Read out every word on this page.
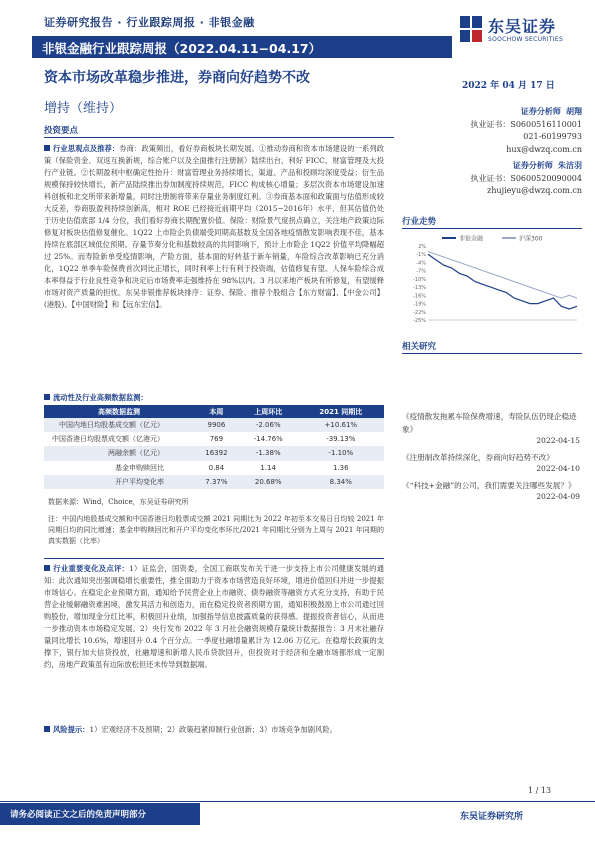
证券研究报告 · 行业跟踪周报 · 非银金融
非银金融行业跟踪周报（2022.04.11−04.17）
东吴证券
SOOCHOW SECURITIES
资本市场改革稳步推进，券商向好趋势不改	2022 年 04 月 17 日
增持（维持）
投资要点
证券分析师 胡翔
执业证书：S0600516110001
021-60199793
hux@dwzq.com.cn
证券分析师 朱洁羽
执业证书：S0600520090004
zhujieyu@dwzq.com.cn
行业走势
非银金融	沪深300
2%
-1%
-4%
-7%
-10%
-13%
-16%
-19%
-22%
-25%
相关研究
《疫情散发拖累车险保费增速，寿险队伍仍现企稳迹象》
2022-04-15
《注册制改革持续深化，券商向好趋势不改》
2022-04-10
《“科技+金融”的公司，我们需要关注哪些发展？》
2022-04-09
行业思观点及推荐：券商：政策频出，看好券商板块长期发展。①推动券商和资本市场建设的一系列政策（保险资金、双返互换新规，综合账户以及全面推行注册制）陆续出台，利好 FICC、财富管理及大投行产业链。②长期盈利中枢确定性抬升：财富管理业务持续增长，渠道、产品和投顾均深度受益；衍生品规模保持较快增长，新产品陆续推出券加制度持续规范，FICC 构成核心增量；多层次资本市场建设加速科创板和北交所带来新增量，同时注册制将带来存量业务制度红利。③券商基本面和政策面与估值形成较大反差，券商股盈利持续创新高，相对 ROE 已经接近前期平均（2015−2016年）水平，但其估值仍处于历史估值底部 1/4 分位，我们看好券商长期配置价值。保险：财险景气度拐点确立，关注地产政策边际修复对板块估值修复催化。1Q22 上市险企负债端受同期高基数及全国各地疫情散发影响表现不佳，基本持续在底部区域低位预期。存量节奏分化和基数较高的共同影响下，预计上市险企 1Q22 价值平均降幅超过 25%。而寿险新单受疫情影响，产险方面，基本面的好转基于新车销量，车险综合改革影响已充分消化，1Q22 单季车险保费首次同比正增长，同时利率上行有利于投资端，估值修复有望。人保车险综合成本率得益于行业良性竞争和决定后市场费率走强维持在 98%以内。3 月以来地产板块有所修复，有望缓释市场对资产质量的担忧。东吴非银推荐板块排序：证券、保险、推荐个股组合【东方财富】、【中金公司】(港股)、【中国财险】和【远东宏信】。
流动性及行业高频数据监测：
高频数据监测	本周	上周环比	2021 同期比
中国内地日均股基成交额（亿元）	9906	-2.06%	+10.61%
中国香港日均股票成交额（亿港元）	769	-14.76%	-39.13%
两融余额（亿元）	16392	-1.38%	-1.10%
基金申购赎回比	0.84	1.14	1.36
开户平均变化率	7.37%	20.68%	8.34%
数据来源：Wind，Choice，东吴证券研究所
注：中国内地股基成交额和中国香港日均股票成交额 2021 同期比为 2022 年初至本交易日日均较 2021 年同期日均的同比增速；基金申购赎回比和开户平均变化率环比/2021 年同期比分别为上周与 2021 年同期的真实数据（比率）
行业重要变化及点评：1）证监会，国资委，全国工商联发布关于进一步支持上市公司健康发展的通知：此次通知突出强调稳增长重要性，推全面助力于资本市场营造良好环境，增进价值回归并进一步提振市场信心。在稳定企业预期方面，通知给予民营企业上市融资、债券融资等融资方式充分支持，有助于民营企业缓解融资难困境，激发其活力和创造力，而在稳定投资者预期方面，通知积极鼓励上市公司通过回购股份，增加现金分红比率，积极回升业绩，加强指导信息披露质量的获得感。提振投资者信心，从而进一步推动资本市场稳定发展。2）央行发布 2022 年 3 月社会融资规模存量统计数据报告：3 月末社融存量同比增长 10.6%，增速回升 0.4 个百分点。一季度社融增量累计为 12.06 万亿元。在稳增长政策的支撑下，银行加大信贷投放，社融增速和新增人民币贷款回升，但投资对于经济和全融市场都形成一定制约，房地产政策虽有边际放松但还未传导到数据端。
风险提示：1）宏观经济不及预期；2）政策趋紧抑制行业创新；3）市场竞争加剧风险。
1 / 13
请务必阅读正文之后的免责声明部分	东吴证券研究所
